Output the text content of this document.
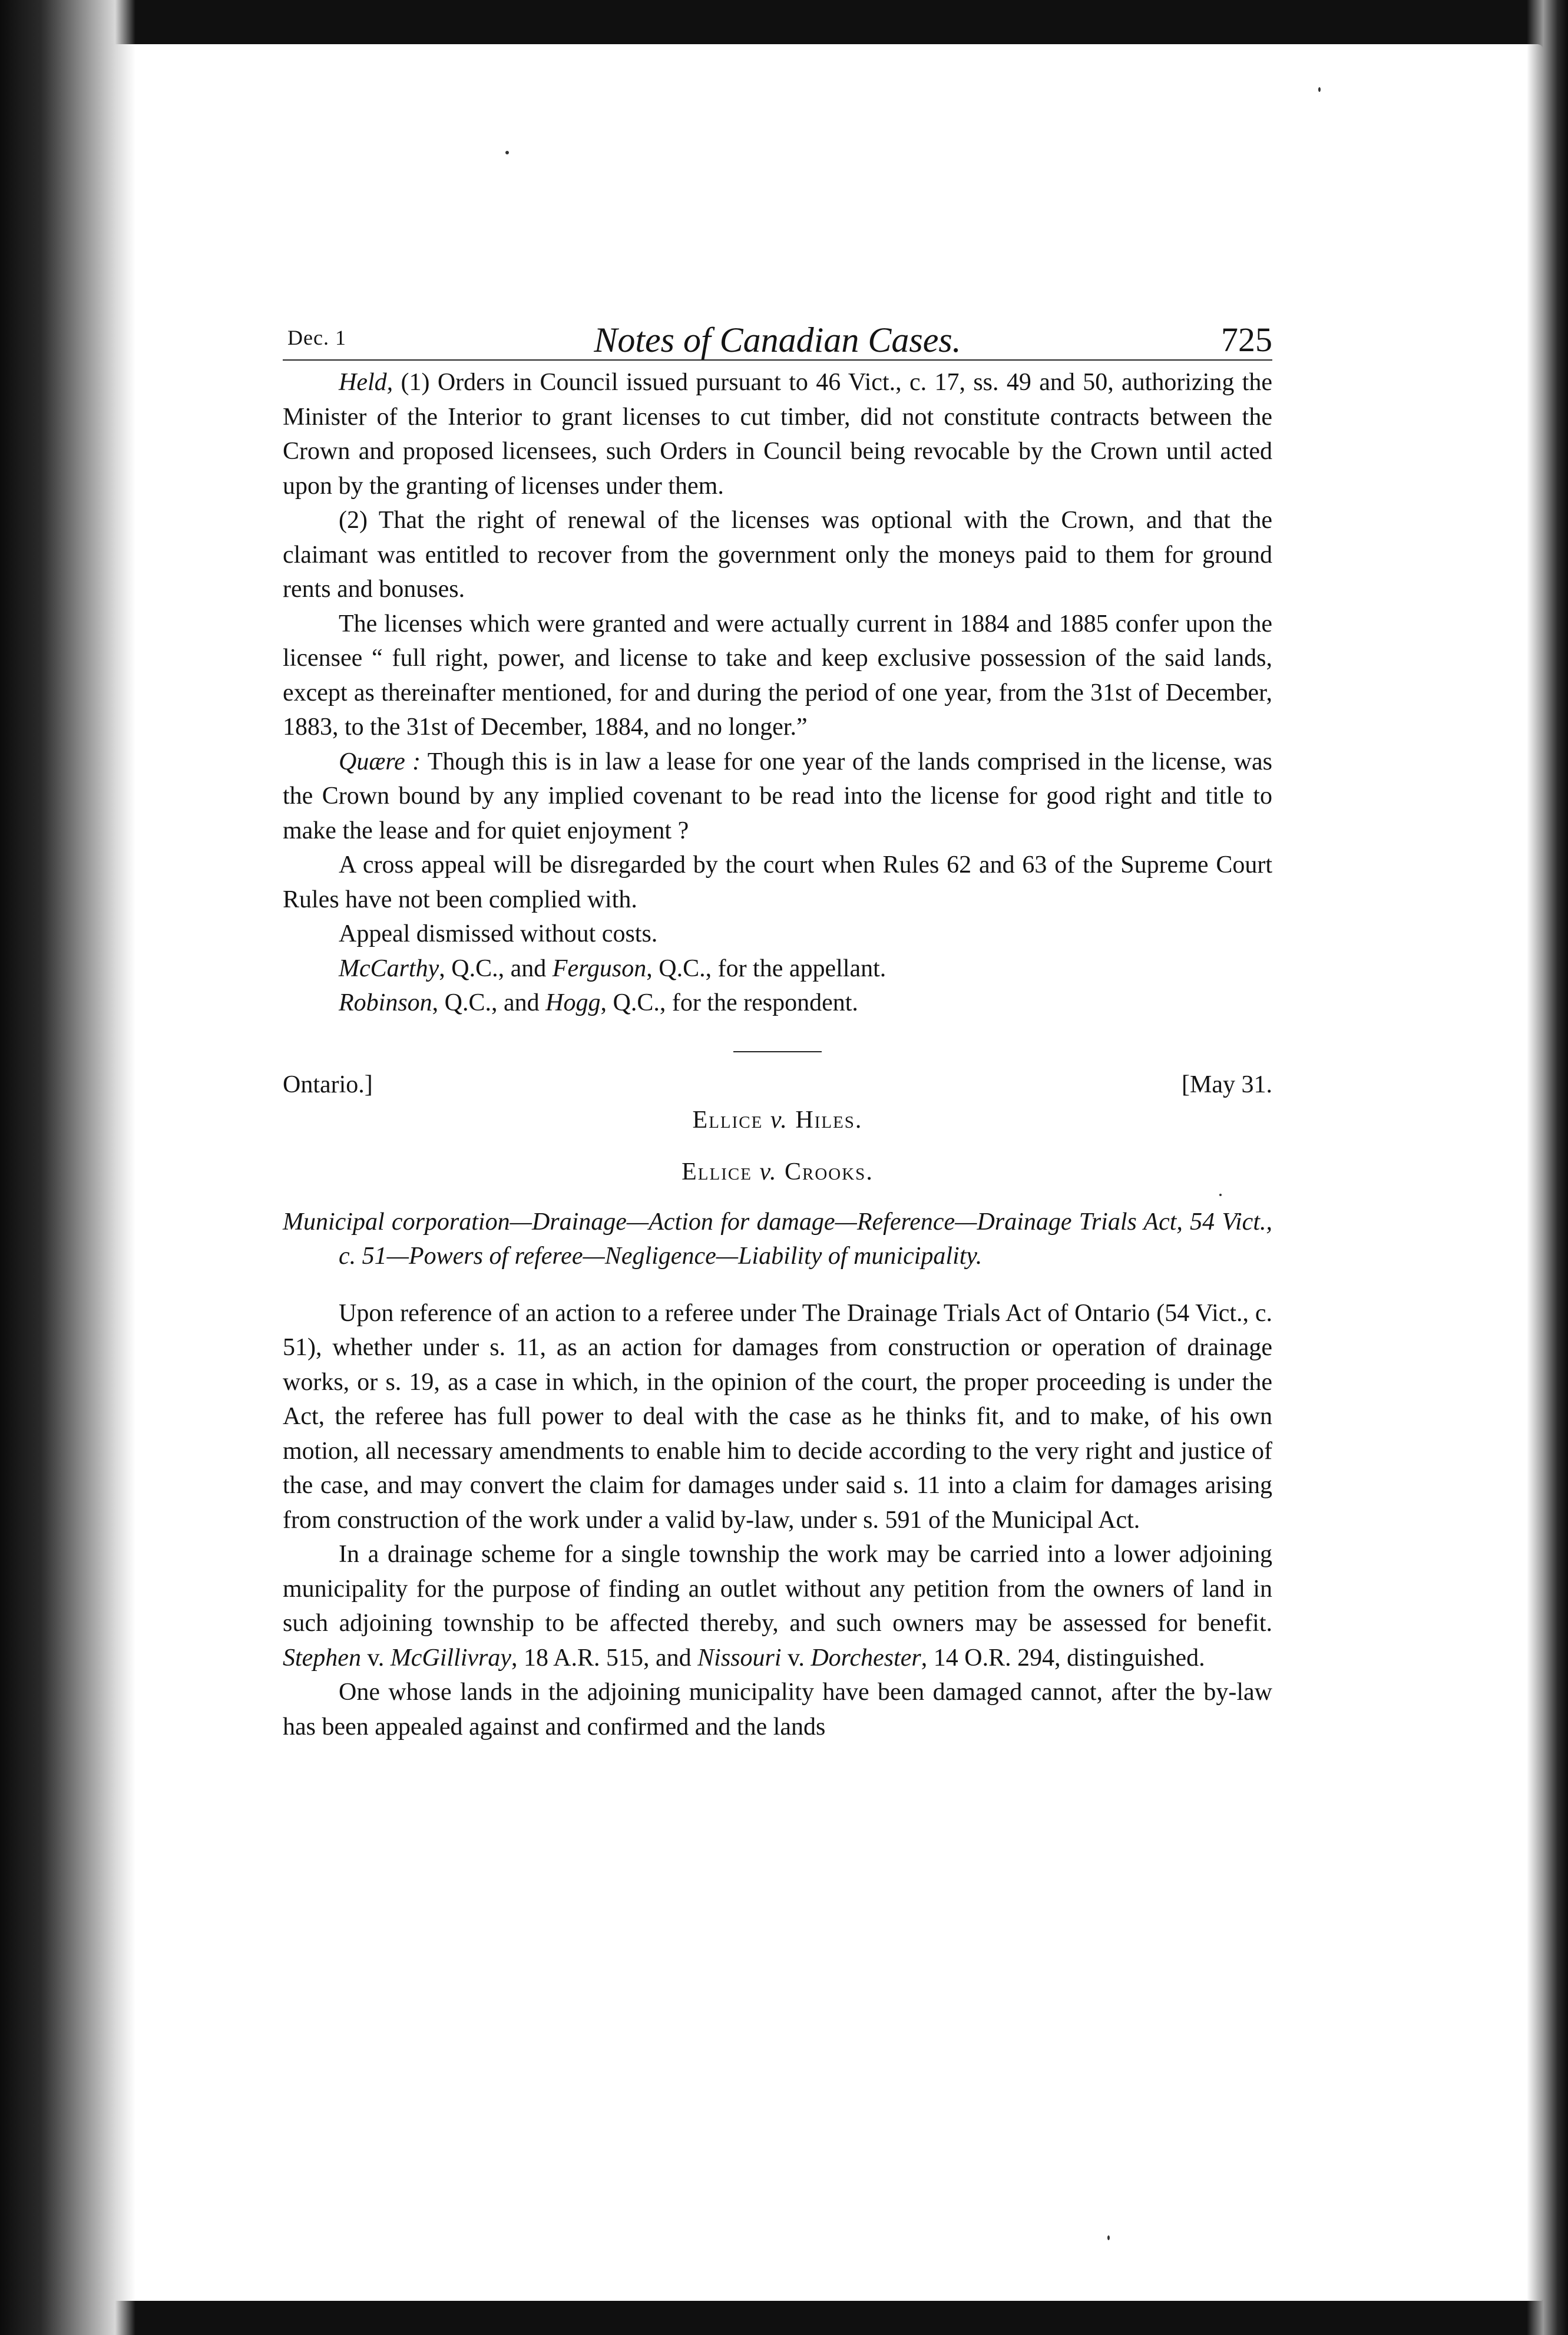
Dec. 1	Notes of Canadian Cases.	725

Held, (1) Orders in Council issued pursuant to 46 Vict., c. 17, ss. 49 and 50, authorizing the Minister of the Interior to grant licenses to cut timber, did not constitute contracts between the Crown and proposed licensees, such Orders in Council being revocable by the Crown until acted upon by the granting of licenses under them.

(2) That the right of renewal of the licenses was optional with the Crown, and that the claimant was entitled to recover from the government only the moneys paid to them for ground rents and bonuses.

The licenses which were granted and were actually current in 1884 and 1885 confer upon the licensee “ full right, power, and license to take and keep exclusive possession of the said lands, except as thereinafter mentioned, for and during the period of one year, from the 31st of December, 1883, to the 31st of December, 1884, and no longer.”

Quære : Though this is in law a lease for one year of the lands comprised in the license, was the Crown bound by any implied covenant to be read into the license for good right and title to make the lease and for quiet enjoyment ?

A cross appeal will be disregarded by the court when Rules 62 and 63 of the Supreme Court Rules have not been complied with.

Appeal dismissed without costs.

McCarthy, Q.C., and Ferguson, Q.C., for the appellant.

Robinson, Q.C., and Hogg, Q.C., for the respondent.

Ontario.]	[May 31.

Ellice v. Hiles.

Ellice v. Crooks.

Municipal corporation—Drainage—Action for damage—Reference—Drainage Trials Act, 54 Vict., c. 51—Powers of referee—Negligence—Liability of municipality.

Upon reference of an action to a referee under The Drainage Trials Act of Ontario (54 Vict., c. 51), whether under s. 11, as an action for damages from construction or operation of drainage works, or s. 19, as a case in which, in the opinion of the court, the proper proceeding is under the Act, the referee has full power to deal with the case as he thinks fit, and to make, of his own motion, all necessary amendments to enable him to decide according to the very right and justice of the case, and may convert the claim for damages under said s. 11 into a claim for damages arising from construction of the work under a valid by-law, under s. 591 of the Municipal Act.

In a drainage scheme for a single township the work may be carried into a lower adjoining municipality for the purpose of finding an outlet without any petition from the owners of land in such adjoining township to be affected thereby, and such owners may be assessed for benefit. Stephen v. McGillivray, 18 A.R. 515, and Nissouri v. Dorchester, 14 O.R. 294, distinguished.

One whose lands in the adjoining municipality have been damaged cannot, after the by-law has been appealed against and confirmed and the lands
